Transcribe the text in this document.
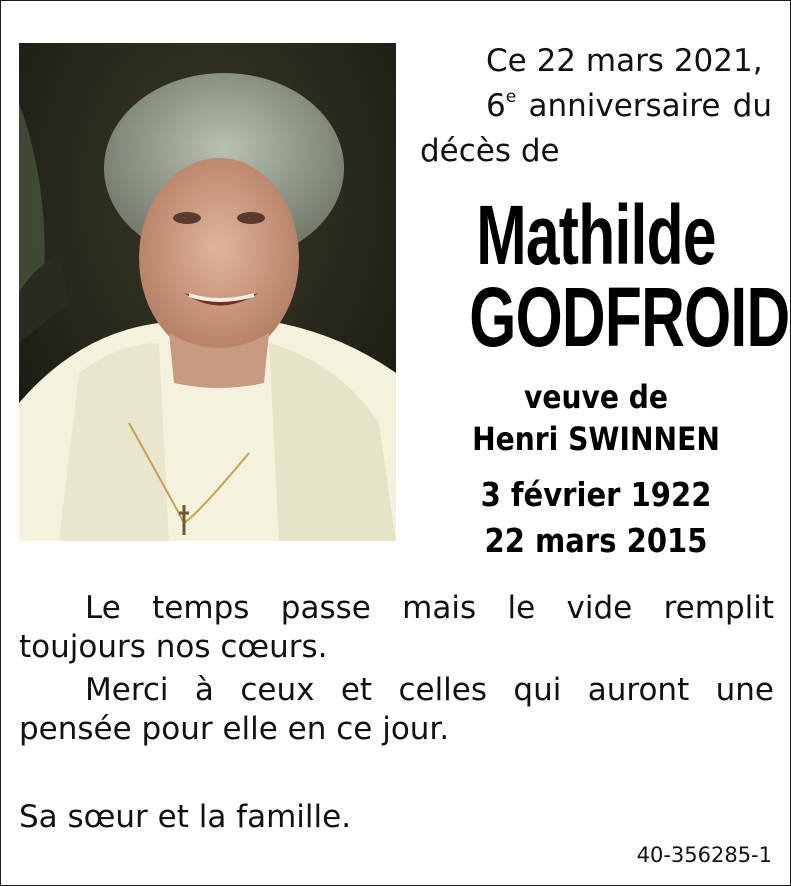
Ce 22 mars 2021,
6e anniversaire du
décès de
Mathilde
GODFROID
veuve de
Henri SWINNEN
3 février 1922
22 mars 2015
Le temps passe mais le vide remplit toujours nos cœurs.
Merci à ceux et celles qui auront une pensée pour elle en ce jour.
Sa sœur et la famille.
40-356285-1
